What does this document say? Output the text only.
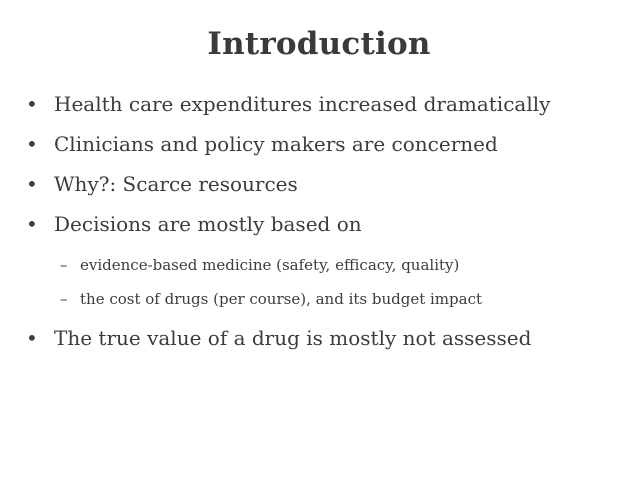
Introduction
• Health care expenditures increased dramatically
• Clinicians and policy makers are concerned
• Why?: Scarce resources
• Decisions are mostly based on
– evidence-based medicine (safety, efficacy, quality)
– the cost of drugs (per course), and its budget impact
• The true value of a drug is mostly not assessed
